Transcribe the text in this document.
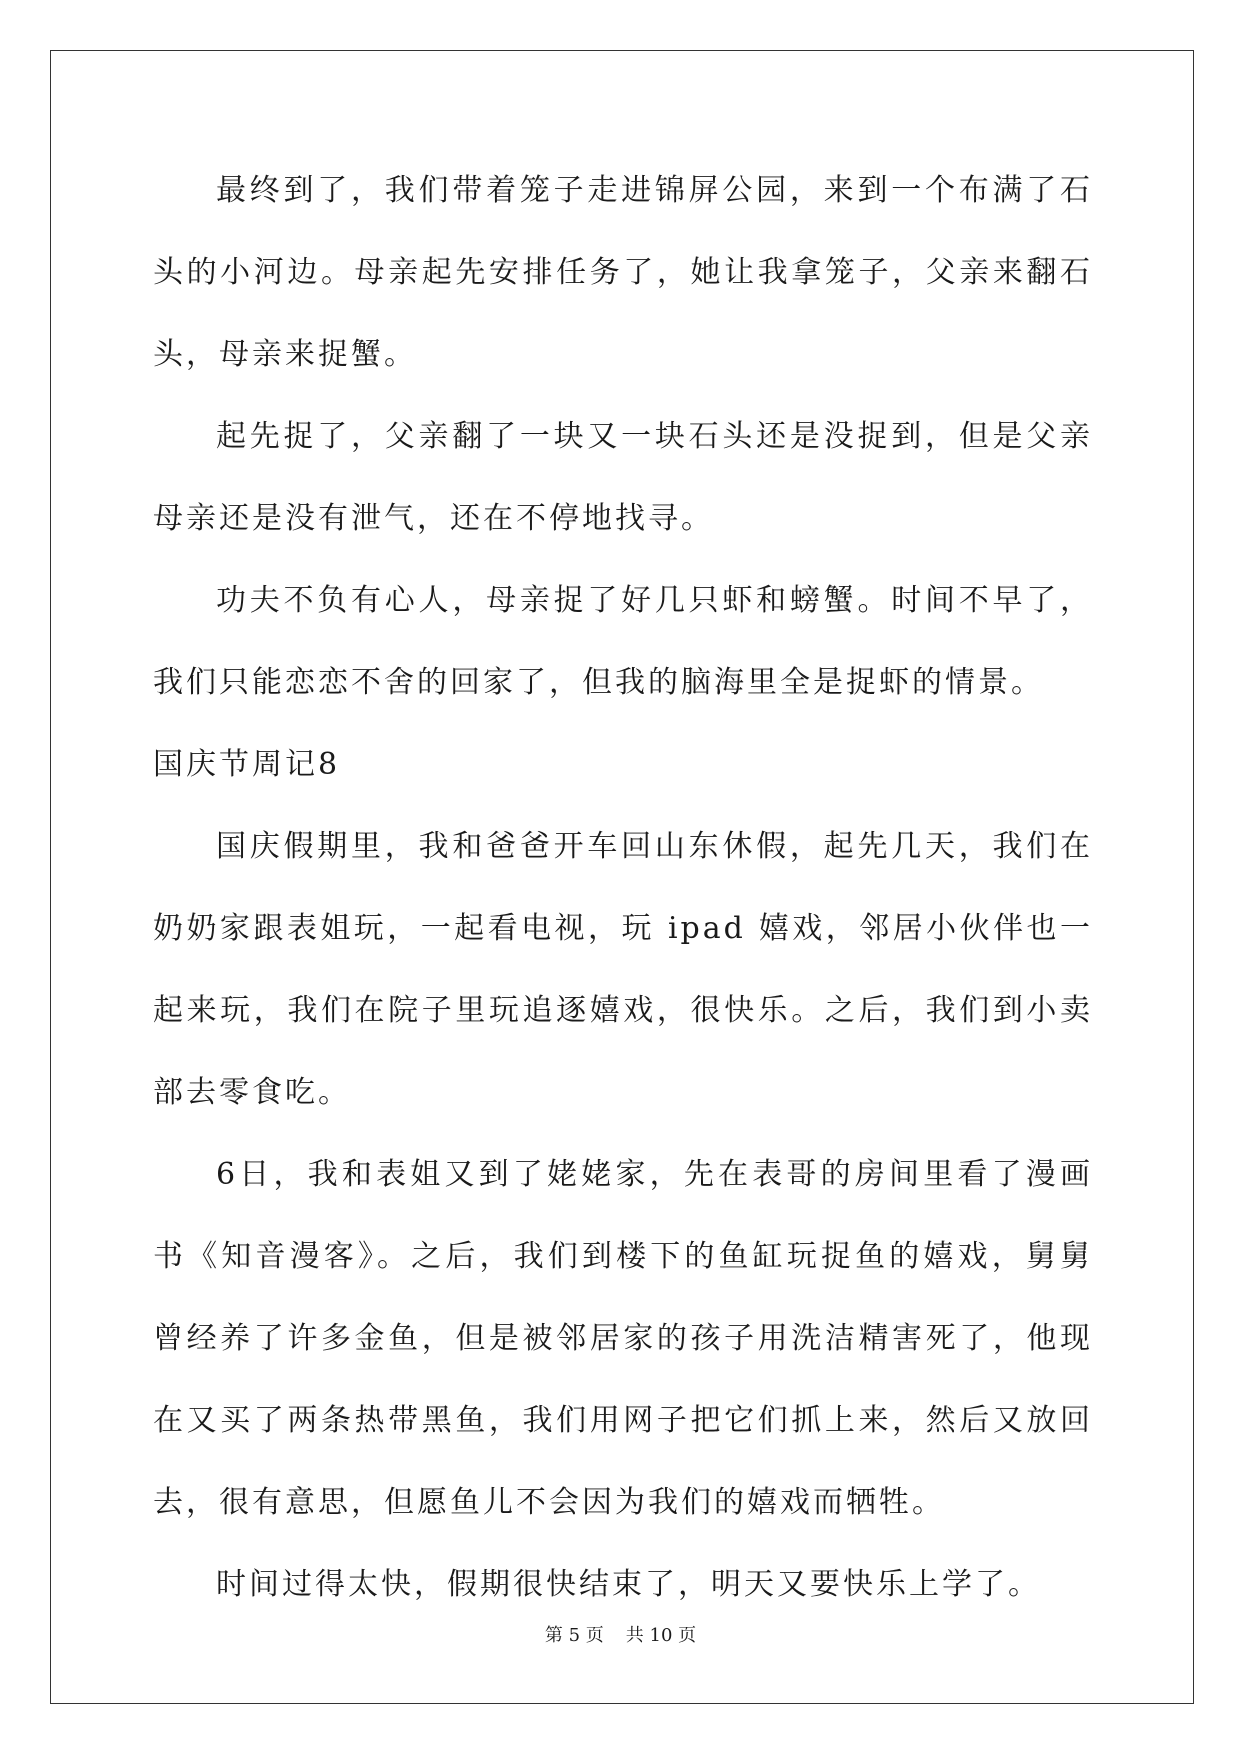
最终到了，我们带着笼子走进锦屏公园，来到一个布满了石头的小河边。母亲起先安排任务了，她让我拿笼子，父亲来翻石头，母亲来捉蟹。

起先捉了，父亲翻了一块又一块石头还是没捉到，但是父亲母亲还是没有泄气，还在不停地找寻。

功夫不负有心人，母亲捉了好几只虾和螃蟹。时间不早了，我们只能恋恋不舍的回家了，但我的脑海里全是捉虾的情景。

国庆节周记8

国庆假期里，我和爸爸开车回山东休假，起先几天，我们在奶奶家跟表姐玩，一起看电视，玩 ipad 嬉戏，邻居小伙伴也一起来玩，我们在院子里玩追逐嬉戏，很快乐。之后，我们到小卖部去零食吃。

6日，我和表姐又到了姥姥家，先在表哥的房间里看了漫画书《知音漫客》。之后，我们到楼下的鱼缸玩捉鱼的嬉戏，舅舅曾经养了许多金鱼，但是被邻居家的孩子用洗洁精害死了，他现在又买了两条热带黑鱼，我们用网子把它们抓上来，然后又放回去，很有意思，但愿鱼儿不会因为我们的嬉戏而牺牲。

时间过得太快，假期很快结束了，明天又要快乐上学了。

第 5 页 共 10 页
